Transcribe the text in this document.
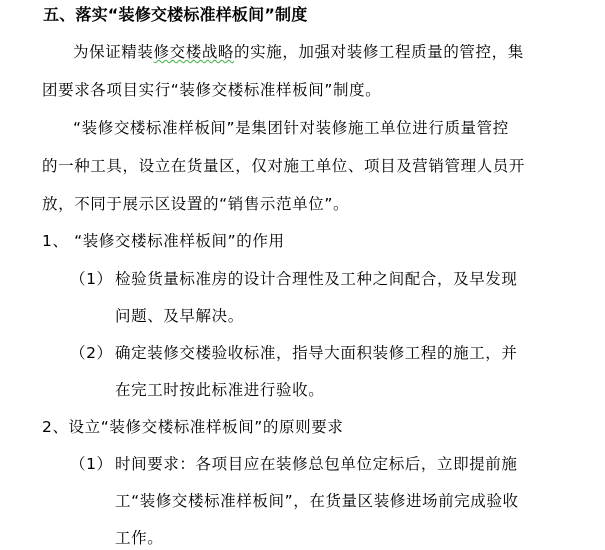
五、落实“装修交楼标准样板间”制度
为保证精装修交楼战略的实施，加强对装修工程质量的管控，集
团要求各项目实行“装修交楼标准样板间”制度。
“装修交楼标准样板间”是集团针对装修施工单位进行质量管控
的一种工具，设立在货量区，仅对施工单位、项目及营销管理人员开
放，不同于展示区设置的“销售示范单位”。
1、 “装修交楼标准样板间”的作用
（1） 检验货量标准房的设计合理性及工种之间配合，及早发现
问题、及早解决。
（2） 确定装修交楼验收标准，指导大面积装修工程的施工，并
在完工时按此标准进行验收。
2、设立“装修交楼标准样板间”的原则要求
（1） 时间要求：各项目应在装修总包单位定标后，立即提前施
工“装修交楼标准样板间”，在货量区装修进场前完成验收
工作。
